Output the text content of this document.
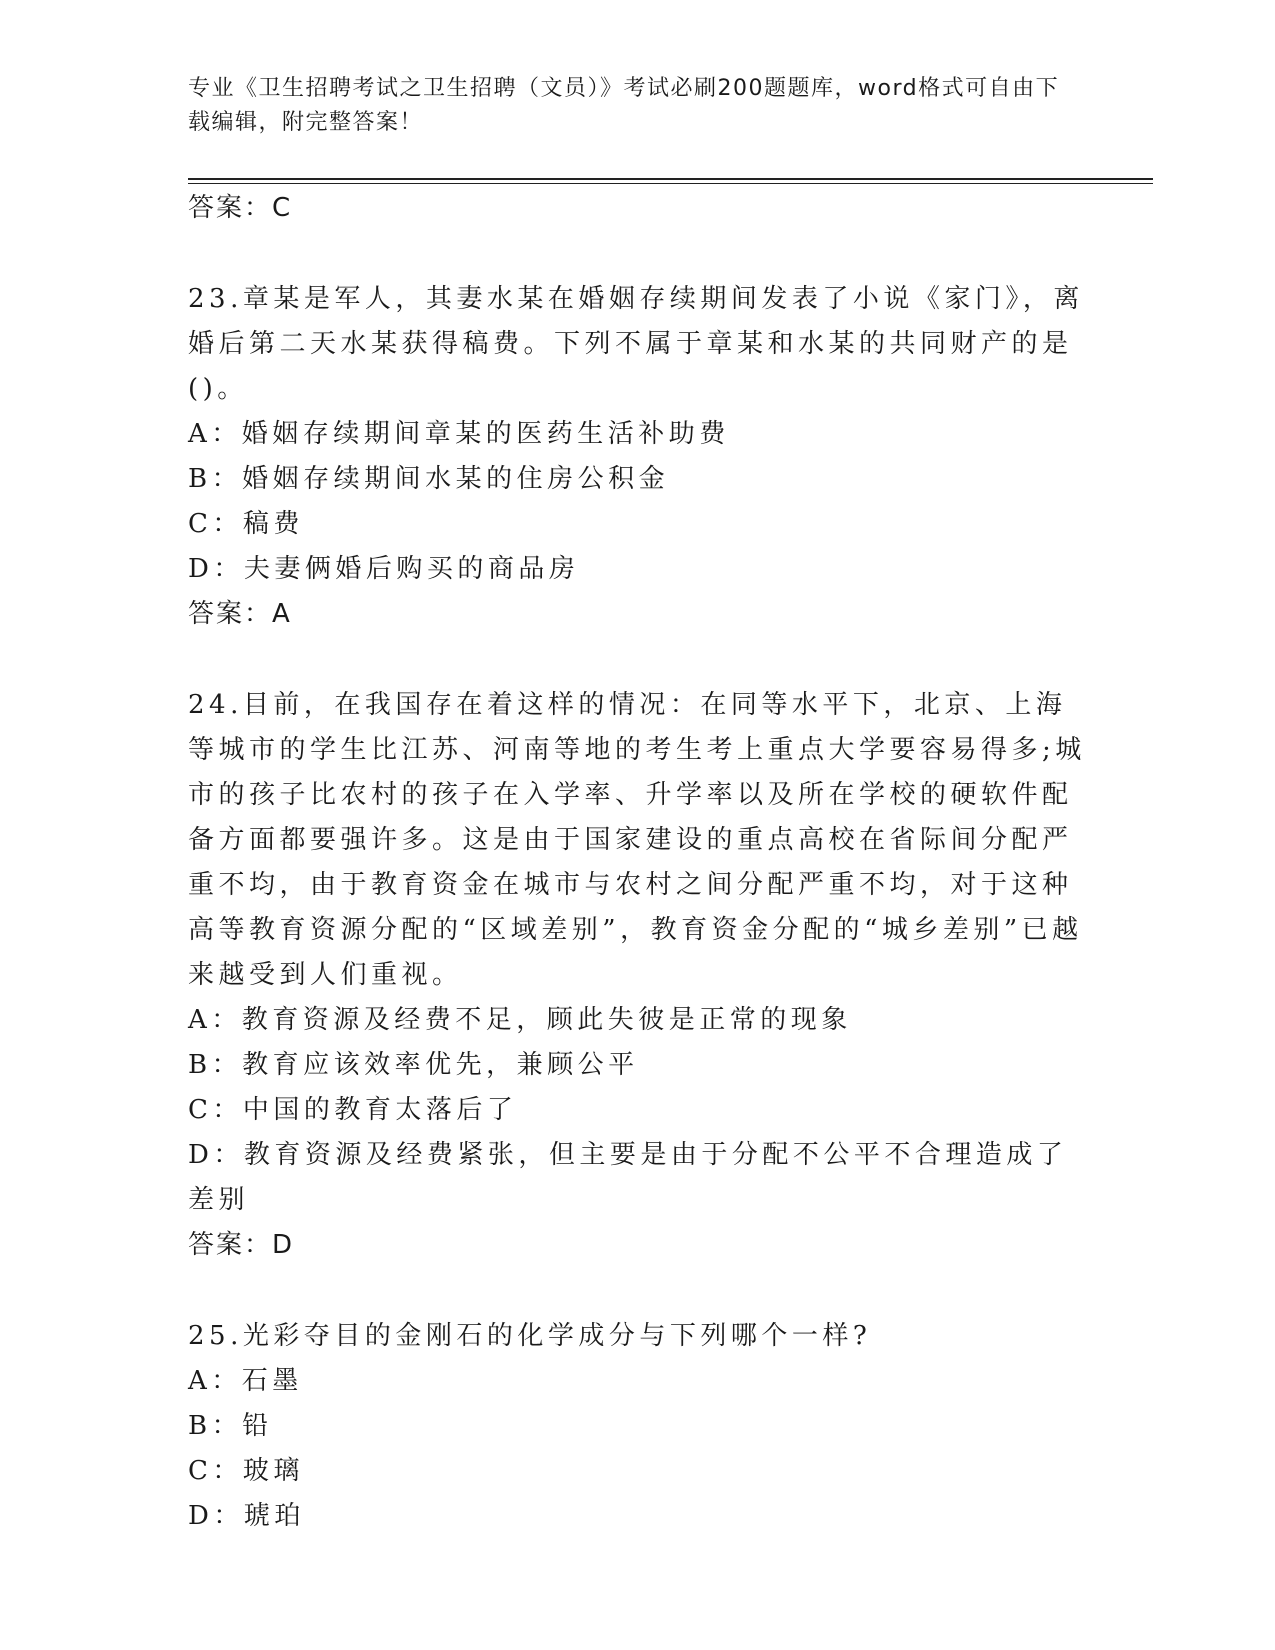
专业《卫生招聘考试之卫生招聘（文员）》考试必刷200题题库，word格式可自由下载编辑，附完整答案！

答案：C

23.章某是军人，其妻水某在婚姻存续期间发表了小说《家门》，离婚后第二天水某获得稿费。下列不属于章某和水某的共同财产的是()。

A：婚姻存续期间章某的医药生活补助费

B：婚姻存续期间水某的住房公积金

C：稿费

D：夫妻俩婚后购买的商品房

答案：A

24.目前，在我国存在着这样的情况：在同等水平下，北京、上海等城市的学生比江苏、河南等地的考生考上重点大学要容易得多;城市的孩子比农村的孩子在入学率、升学率以及所在学校的硬软件配备方面都要强许多。这是由于国家建设的重点高校在省际间分配严重不均，由于教育资金在城市与农村之间分配严重不均，对于这种高等教育资源分配的“区域差别”，教育资金分配的“城乡差别”已越来越受到人们重视。

A：教育资源及经费不足，顾此失彼是正常的现象

B：教育应该效率优先，兼顾公平

C：中国的教育太落后了

D：教育资源及经费紧张，但主要是由于分配不公平不合理造成了差别

答案：D

25.光彩夺目的金刚石的化学成分与下列哪个一样?

A：石墨

B：铅

C：玻璃

D：琥珀
